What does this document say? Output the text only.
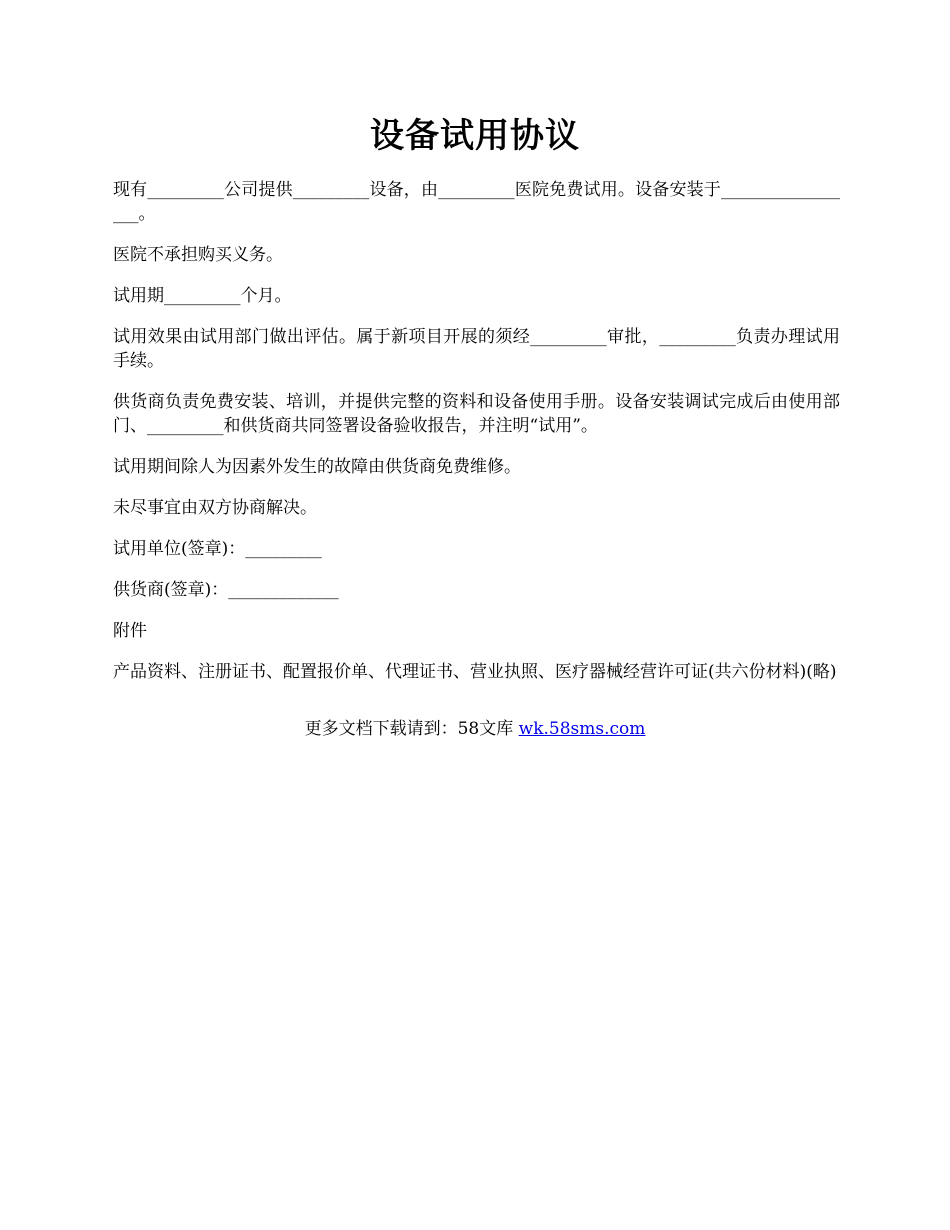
设备试用协议

现有_________公司提供_________设备，由_________医院免费试用。设备安装于_________________。

医院不承担购买义务。

试用期_________个月。

试用效果由试用部门做出评估。属于新项目开展的须经_________审批，_________负责办理试用手续。

供货商负责免费安装、培训，并提供完整的资料和设备使用手册。设备安装调试完成后由使用部门、_________和供货商共同签署设备验收报告，并注明“试用”。

试用期间除人为因素外发生的故障由供货商免费维修。

未尽事宜由双方协商解决。

试用单位(签章)：_________

供货商(签章)：_____________

附件

产品资料、注册证书、配置报价单、代理证书、营业执照、医疗器械经营许可证(共六份材料)(略)

更多文档下载请到：58文库 wk.58sms.com
